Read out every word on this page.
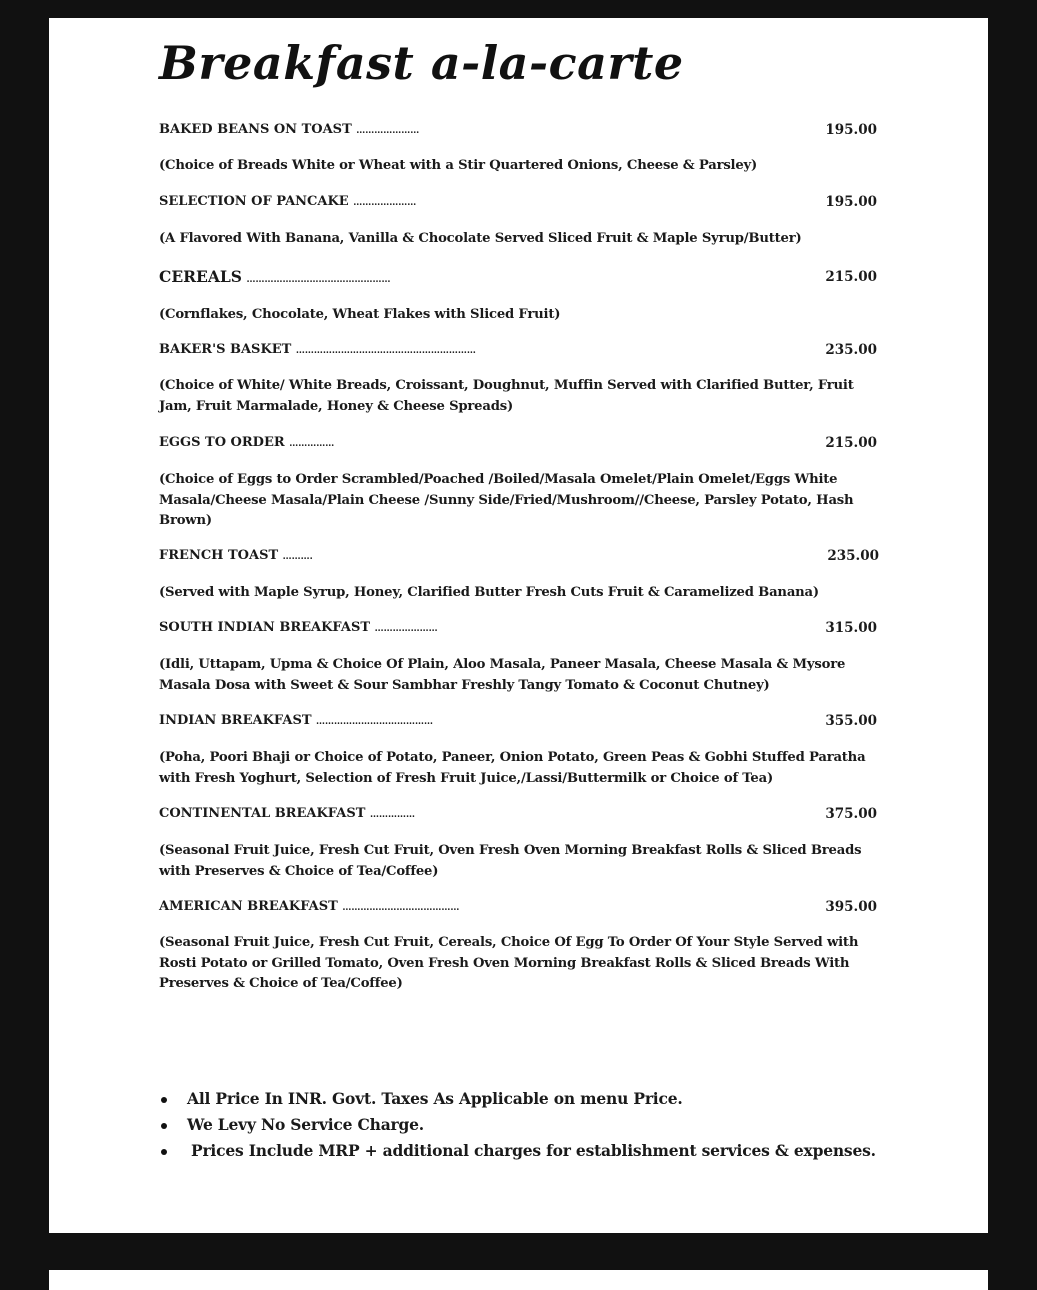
Breakfast a-la-carte
BAKED BEANS ON TOAST …………………	195.00
(Choice of Breads White or Wheat with a Stir Quartered Onions, Cheese & Parsley)
SELECTION OF PANCAKE …………………	195.00
(A Flavored With Banana, Vanilla & Chocolate Served Sliced Fruit & Maple Syrup/Butter)
CEREALS …………………………………………	215.00
(Cornflakes, Chocolate, Wheat Flakes with Sliced Fruit)
BAKER'S BASKET ……………………………………………………	235.00
(Choice of White/ White Breads, Croissant, Doughnut, Muffin Served with Clarified Butter, Fruit Jam, Fruit Marmalade, Honey & Cheese Spreads)
EGGS TO ORDER ……………	215.00
(Choice of Eggs to Order Scrambled/Poached /Boiled/Masala Omelet/Plain Omelet/Eggs White Masala/Cheese Masala/Plain Cheese /Sunny Side/Fried/Mushroom//Cheese, Parsley Potato, Hash Brown)
FRENCH TOAST ……….	235.00
(Served with Maple Syrup, Honey, Clarified Butter Fresh Cuts Fruit & Caramelized Banana)
SOUTH INDIAN BREAKFAST …………………	315.00
(Idli, Uttapam, Upma & Choice Of Plain, Aloo Masala, Paneer Masala, Cheese Masala & Mysore Masala Dosa with Sweet & Sour Sambhar Freshly Tangy Tomato & Coconut Chutney)
INDIAN BREAKFAST …………………………………	355.00
(Poha, Poori Bhaji or Choice of Potato, Paneer, Onion Potato, Green Peas & Gobhi Stuffed Paratha with Fresh Yoghurt, Selection of Fresh Fruit Juice,/Lassi/Buttermilk or Choice of Tea)
CONTINENTAL BREAKFAST ……………	375.00
(Seasonal Fruit Juice, Fresh Cut Fruit, Oven Fresh Oven Morning Breakfast Rolls & Sliced Breads with Preserves & Choice of Tea/Coffee)
AMERICAN BREAKFAST …………………………………	395.00
(Seasonal Fruit Juice, Fresh Cut Fruit, Cereals, Choice Of Egg To Order Of Your Style Served with Rosti Potato or Grilled Tomato, Oven Fresh Oven Morning Breakfast Rolls & Sliced Breads With Preserves & Choice of Tea/Coffee)
All Price In INR. Govt. Taxes As Applicable on menu Price.
We Levy No Service Charge.
Prices Include MRP + additional charges for establishment services & expenses.
